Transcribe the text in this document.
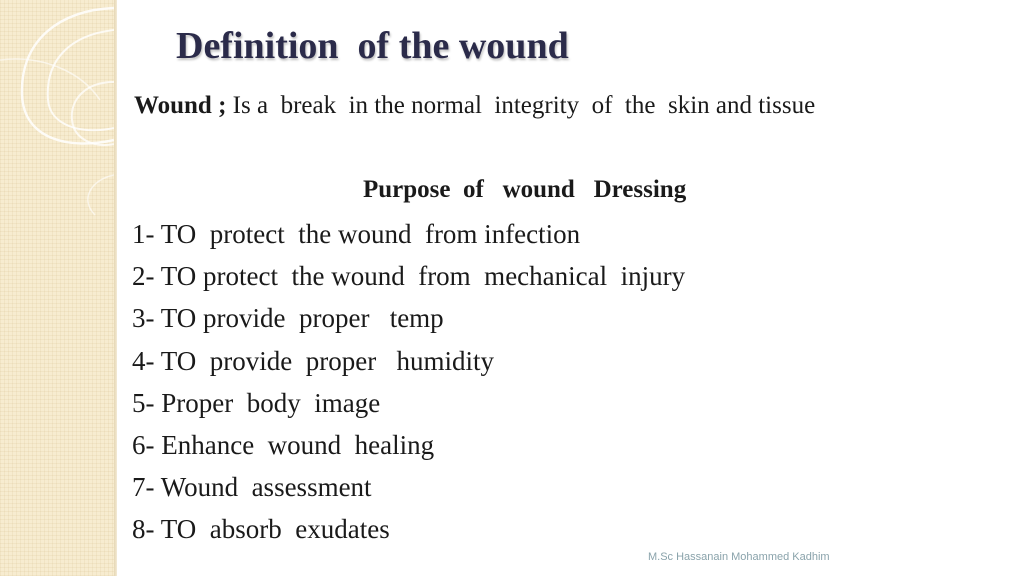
Definition  of the wound
Wound ; Is a  break  in the normal  integrity  of  the  skin and tissue
Purpose  of   wound   Dressing
1- TO  protect  the wound  from infection
2- TO protect  the wound  from  mechanical  injury
3- TO provide  proper   temp
4- TO  provide  proper   humidity
5- Proper  body  image
6- Enhance  wound  healing
7- Wound  assessment
8- TO  absorb  exudates
M.Sc Hassanain Mohammed Kadhim
